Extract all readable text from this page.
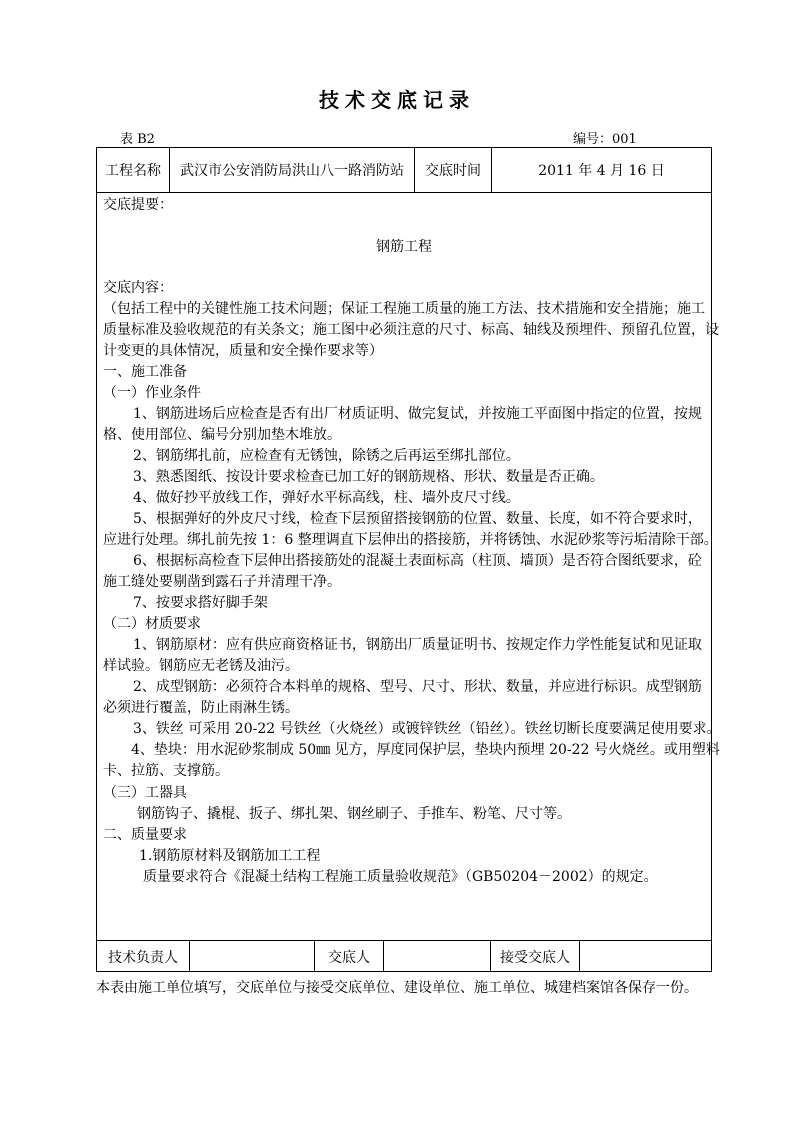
技术交底记录
表 B2	编号：001
工程名称	武汉市公安消防局洪山八一路消防站	交底时间	2011 年 4 月 16 日
交底提要：
钢筋工程
交底内容：
（包括工程中的关键性施工技术问题；保证工程施工质量的施工方法、技术措施和安全措施；施工
质量标准及验收规范的有关条文；施工图中必须注意的尺寸、标高、轴线及预埋件、预留孔位置，设
计变更的具体情况，质量和安全操作要求等）
一、施工准备
（一）作业条件
1、钢筋进场后应检查是否有出厂材质证明、做完复试，并按施工平面图中指定的位置，按规
格、使用部位、编号分别加垫木堆放。
2、钢筋绑扎前，应检查有无锈蚀，除锈之后再运至绑扎部位。
3、熟悉图纸、按设计要求检查已加工好的钢筋规格、形状、数量是否正确。
4、做好抄平放线工作，弹好水平标高线，柱、墙外皮尺寸线。
5、根据弹好的外皮尺寸线，检查下层预留搭接钢筋的位置、数量、长度，如不符合要求时，
应进行处理。绑扎前先按 1：6 整理调直下层伸出的搭接筋，并将锈蚀、水泥砂浆等污垢清除干部。
6、根据标高检查下层伸出搭接筋处的混凝土表面标高（柱顶、墙顶）是否符合图纸要求，砼
施工缝处要剔凿到露石子并清理干净。
7、按要求搭好脚手架
（二）材质要求
1、钢筋原材：应有供应商资格证书，钢筋出厂质量证明书、按规定作力学性能复试和见证取
样试验。钢筋应无老锈及油污。
2、成型钢筋：必须符合本料单的规格、型号、尺寸、形状、数量，并应进行标识。成型钢筋
必须进行覆盖，防止雨淋生锈。
3、铁丝 可采用 20-22 号铁丝（火烧丝）或镀锌铁丝（铅丝）。铁丝切断长度要满足使用要求。
4、垫块：用水泥砂浆制成 50㎜ 见方，厚度同保护层，垫块内预埋 20-22 号火烧丝。或用塑料
卡、拉筋、支撑筋。
（三）工器具
钢筋钩子、撬棍、扳子、绑扎架、钢丝刷子、手推车、粉笔、尺寸等。
二、质量要求
1.钢筋原材料及钢筋加工工程
质量要求符合《混凝土结构工程施工质量验收规范》（GB50204－2002）的规定。
技术负责人	交底人	接受交底人
本表由施工单位填写，交底单位与接受交底单位、建设单位、施工单位、城建档案馆各保存一份。
